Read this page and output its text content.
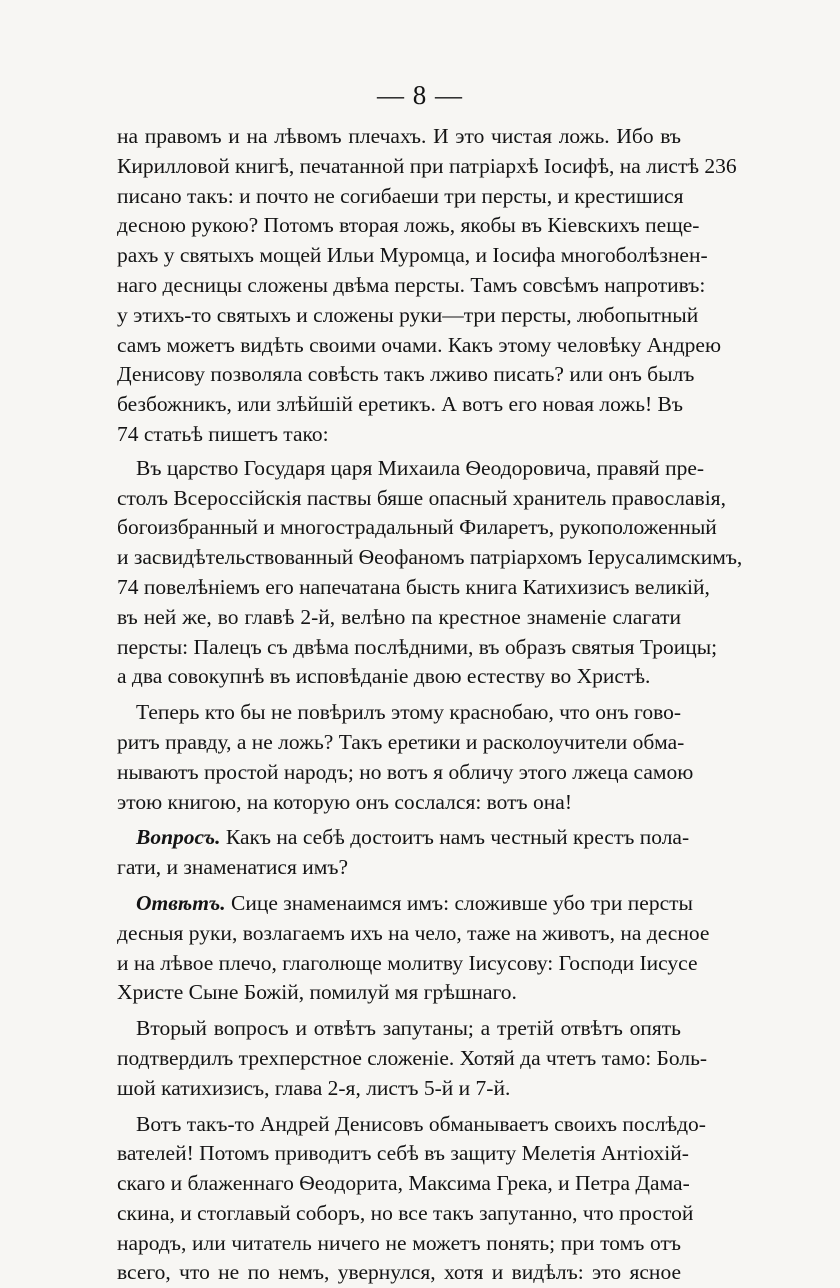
— 8 —
на правомъ и на лѣвомъ плечахъ. И это чистая ложь. Ибо въ
Кирилловой книгѣ, печатанной при патріархѣ Іосифѣ, на листѣ 236
писано такъ: и почто не согибаеши три персты, и крестишися
десною рукою? Потомъ вторая ложь, якобы въ Кіевскихъ пеще-
рахъ у святыхъ мощей Ильи Муромца, и Іосифа многоболѣзнен-
наго десницы сложены двѣма персты. Тамъ совсѣмъ напротивъ:
у этихъ-то святыхъ и сложены руки—три персты, любопытный
самъ можетъ видѣть своими очами. Какъ этому человѣку Андрею
Денисову позволяла совѣсть такъ лживо писать? или онъ былъ
безбожникъ, или злѣйшій еретикъ. А вотъ его новая ложь! Въ
74 статьѣ пишетъ тако:
Въ царство Государя царя Михаила Ѳеодоровича, правяй пре-
столъ Всероссійскія паствы бяше опасный хранитель православія,
богоизбранный и многострадальный Филаретъ, рукоположенный
и засвидѣтельствованный Ѳеофаномъ патріархомъ Іерусалимскимъ,
74 повелѣніемъ его напечатана бысть книга Катихизисъ великій,
въ ней же, во главѣ 2-й, велѣно па крестное знаменіе слагати
персты: Палецъ съ двѣма послѣдними, въ образъ святыя Троицы;
а два совокупнѣ въ исповѣданіе двою естеству во Христѣ.
Теперь кто бы не повѣрилъ этому краснобаю, что онъ гово-
ритъ правду, а не ложь? Такъ еретики и расколоучители обма-
нываютъ простой народъ; но вотъ я обличу этого лжеца самою
этою книгою, на которую онъ сослался: вотъ она!
Вопросъ. Какъ на себѣ достоитъ намъ честный крестъ пола-
гати, и знаменатися имъ?
Отвѣтъ. Сице знаменаимся имъ: сложивше убо три персты
десныя руки, возлагаемъ ихъ на чело, таже на животъ, на десное
и на лѣвое плечо, глаголюще молитву Іисусову: Господи Іисусе
Христе Сыне Божій, помилуй мя грѣшнаго.
Вторый вопросъ и отвѣтъ запутаны; а третій отвѣтъ опять
подтвердилъ трехперстное сложеніе. Хотяй да чтетъ тамо: Боль-
шой катихизисъ, глава 2-я, листъ 5-й и 7-й.
Вотъ такъ-то Андрей Денисовъ обманываетъ своихъ послѣдо-
вателей! Потомъ приводитъ себѣ въ защиту Мелетія Антіохій-
скаго и блаженнаго Ѳеодорита, Максима Грека, и Петра Дама-
скина, и стоглавый соборъ, но все такъ запутанно, что простой
народъ, или читатель ничего не можетъ понять; при томъ отъ
всего, что не по немъ, увернулся, хотя и видѣлъ: это ясное
